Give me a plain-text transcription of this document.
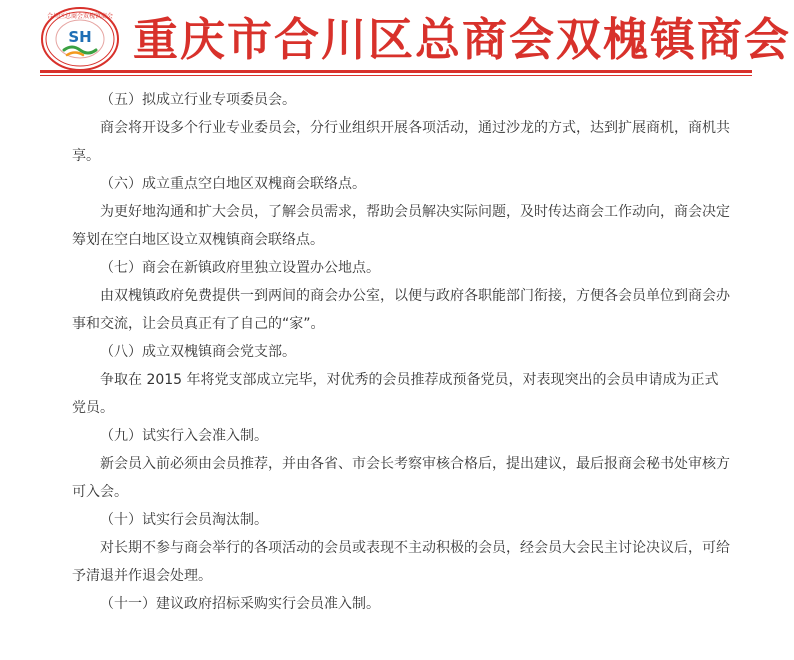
合川区总商会双槐镇商会
SH 重庆市合川区总商会双槐镇商会

（五）拟成立行业专项委员会。

商会将开设多个行业专业委员会，分行业组织开展各项活动，通过沙龙的方式，达到扩展商机，商机共享。

（六）成立重点空白地区双槐商会联络点。

为更好地沟通和扩大会员，了解会员需求，帮助会员解决实际问题，及时传达商会工作动向，商会决定筹划在空白地区设立双槐镇商会联络点。

（七）商会在新镇政府里独立设置办公地点。

由双槐镇政府免费提供一到两间的商会办公室，以便与政府各职能部门衔接，方便各会员单位到商会办事和交流，让会员真正有了自己的“家”。

（八）成立双槐镇商会党支部。

争取在 2015 年将党支部成立完毕，对优秀的会员推荐成预备党员，对表现突出的会员申请成为正式党员。

（九）试实行入会准入制。

新会员入前必须由会员推荐，并由各省、市会长考察审核合格后，提出建议，最后报商会秘书处审核方可入会。

（十）试实行会员淘汰制。

对长期不参与商会举行的各项活动的会员或表现不主动积极的会员，经会员大会民主讨论决议后，可给予清退并作退会处理。

（十一）建议政府招标采购实行会员准入制。
